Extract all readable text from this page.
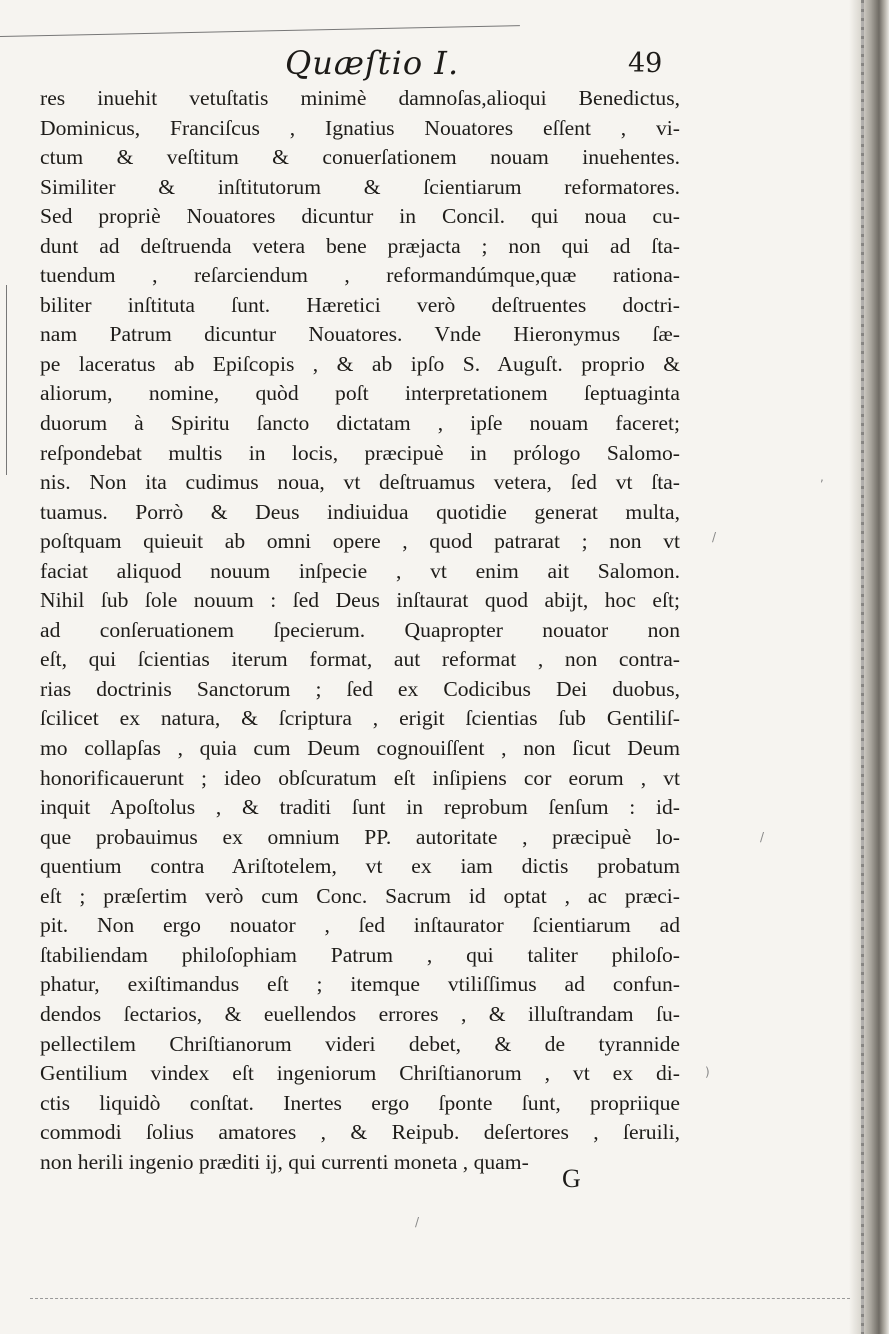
Quæſtio I.	49
res inuehit vetuſtatis minimè damnoſas,alioqui Benedictus,
Dominicus, Franciſcus , Ignatius Nouatores eſſent , vi-
ctum & veſtitum & conuerſationem nouam inuehentes.
Similiter & inſtitutorum & ſcientiarum reformatores.
Sed propriè Nouatores dicuntur in Concil. qui noua cu-
dunt ad deſtruenda vetera bene præjacta ; non qui ad ſta-
tuendum , reſarciendum , reformandúmque,quæ rationa-
biliter inſtituta ſunt. Hæretici verò deſtruentes doctri-
nam Patrum dicuntur Nouatores. Vnde Hieronymus ſæ-
pe laceratus ab Epiſcopis , & ab ipſo S. Auguſt. proprio &
aliorum, nomine, quòd poſt interpretationem ſeptuaginta
duorum à Spiritu ſancto dictatam , ipſe nouam faceret;
reſpondebat multis in locis, præcipuè in prólogo Salomo-
nis. Non ita cudimus noua, vt deſtruamus vetera, ſed vt ſta-
tuamus. Porrò & Deus indiuidua quotidie generat multa,
poſtquam quieuit ab omni opere , quod patrarat ; non vt
faciat aliquod nouum inſpecie , vt enim ait Salomon.
Nihil ſub ſole nouum : ſed Deus inſtaurat quod abijt, hoc eſt;
ad conſeruationem ſpecierum. Quapropter nouator non
eſt, qui ſcientias iterum format, aut reformat , non contra-
rias doctrinis Sanctorum ; ſed ex Codicibus Dei duobus,
ſcilicet ex natura, & ſcriptura , erigit ſcientias ſub Gentiliſ-
mo collapſas , quia cum Deum cognouiſſent , non ſicut Deum
honorificauerunt ; ideo obſcuratum eſt inſipiens cor eorum , vt
inquit Apoſtolus , & traditi ſunt in reprobum ſenſum : id-
que probauimus ex omnium PP. autoritate , præcipuè lo-
quentium contra Ariſtotelem, vt ex iam dictis probatum
eſt ; præſertim verò cum Conc. Sacrum id optat , ac præci-
pit. Non ergo nouator , ſed inſtaurator ſcientiarum ad
ſtabiliendam philoſophiam Patrum , qui taliter philoſo-
phatur, exiſtimandus eſt ; itemque vtiliſſimus ad confun-
dendos ſectarios, & euellendos errores , & illuſtrandam ſu-
pellectilem Chriſtianorum videri debet, & de tyrannide
Gentilium vindex eſt ingeniorum Chriſtianorum , vt ex di-
ctis liquidò conſtat. Inertes ergo ſponte ſunt, propriique
commodi ſolius amatores , & Reipub. deſertores , ſeruili,
non herili ingenio præditi ij, qui currenti moneta , quam-
G
/
,
)
/
/
